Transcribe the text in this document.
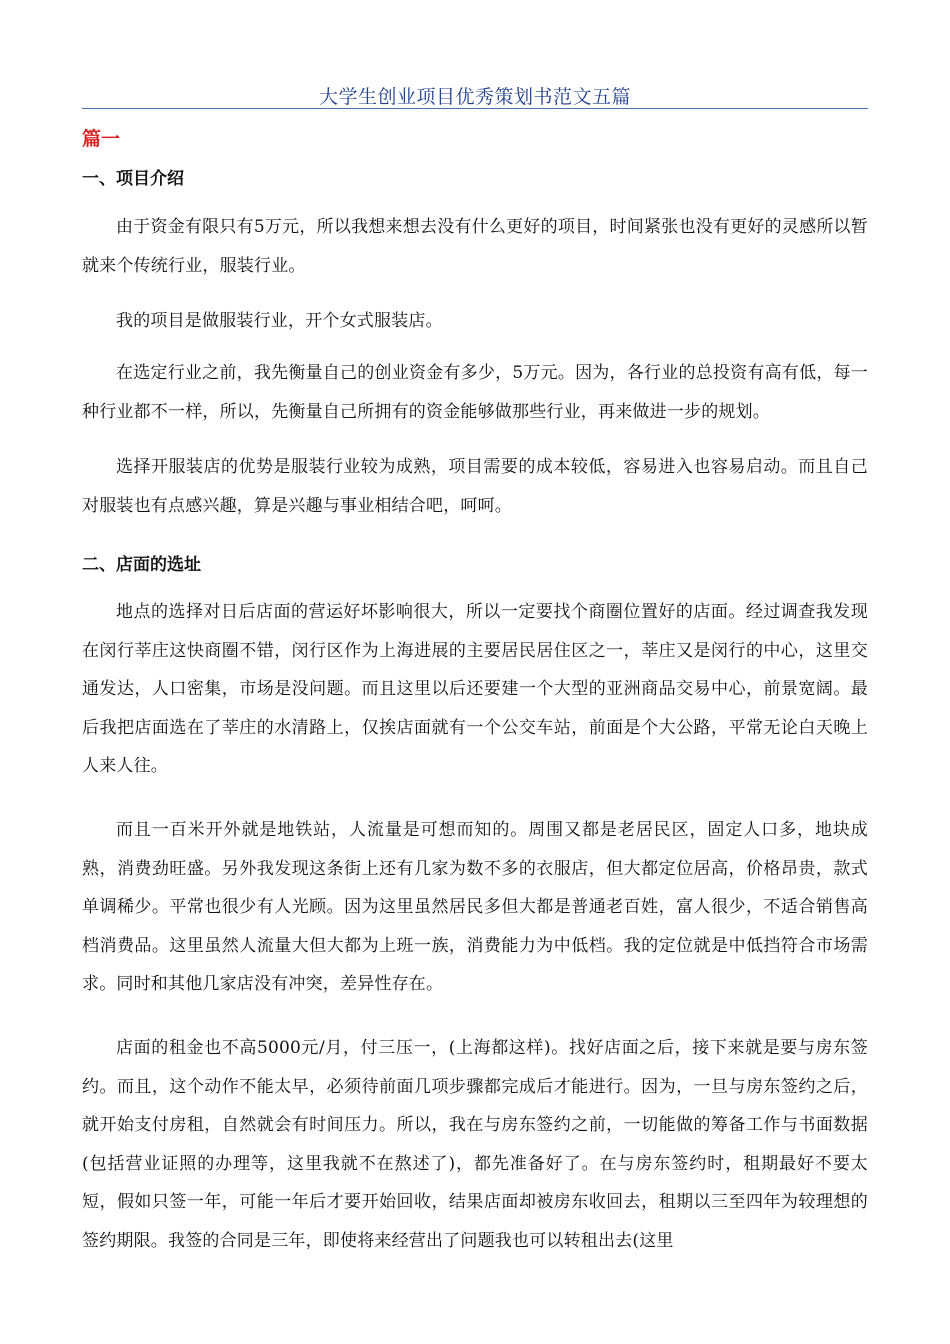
大学生创业项目优秀策划书范文五篇
篇一
一、项目介绍

由于资金有限只有5万元，所以我想来想去没有什么更好的项目，时间紧张也没有更好的灵感所以暂就来个传统行业，服装行业。

我的项目是做服装行业，开个女式服装店。

在选定行业之前，我先衡量自己的创业资金有多少，5万元。因为，各行业的总投资有高有低，每一种行业都不一样，所以，先衡量自己所拥有的资金能够做那些行业，再来做进一步的规划。

选择开服装店的优势是服装行业较为成熟，项目需要的成本较低，容易进入也容易启动。而且自己对服装也有点感兴趣，算是兴趣与事业相结合吧，呵呵。

二、店面的选址

地点的选择对日后店面的营运好坏影响很大，所以一定要找个商圈位置好的店面。经过调查我发现在闵行莘庄这快商圈不错，闵行区作为上海进展的主要居民居住区之一，莘庄又是闵行的中心，这里交通发达，人口密集，市场是没问题。而且这里以后还要建一个大型的亚洲商品交易中心，前景宽阔。最后我把店面选在了莘庄的水清路上，仅挨店面就有一个公交车站，前面是个大公路，平常无论白天晚上人来人往。

而且一百米开外就是地铁站，人流量是可想而知的。周围又都是老居民区，固定人口多，地块成熟，消费劲旺盛。另外我发现这条街上还有几家为数不多的衣服店，但大都定位居高，价格昂贵，款式单调稀少。平常也很少有人光顾。因为这里虽然居民多但大都是普通老百姓，富人很少，不适合销售高档消费品。这里虽然人流量大但大都为上班一族，消费能力为中低档。我的定位就是中低挡符合市场需求。同时和其他几家店没有冲突，差异性存在。

店面的租金也不高5000元/月，付三压一，(上海都这样)。找好店面之后，接下来就是要与房东签约。而且，这个动作不能太早，必须待前面几项步骤都完成后才能进行。因为，一旦与房东签约之后，就开始支付房租，自然就会有时间压力。所以，我在与房东签约之前，一切能做的筹备工作与书面数据(包括营业证照的办理等，这里我就不在熬述了)，都先准备好了。在与房东签约时，租期最好不要太短，假如只签一年，可能一年后才要开始回收，结果店面却被房东收回去，租期以三至四年为较理想的签约期限。我签的合同是三年，即使将来经营出了问题我也可以转租出去(这里
